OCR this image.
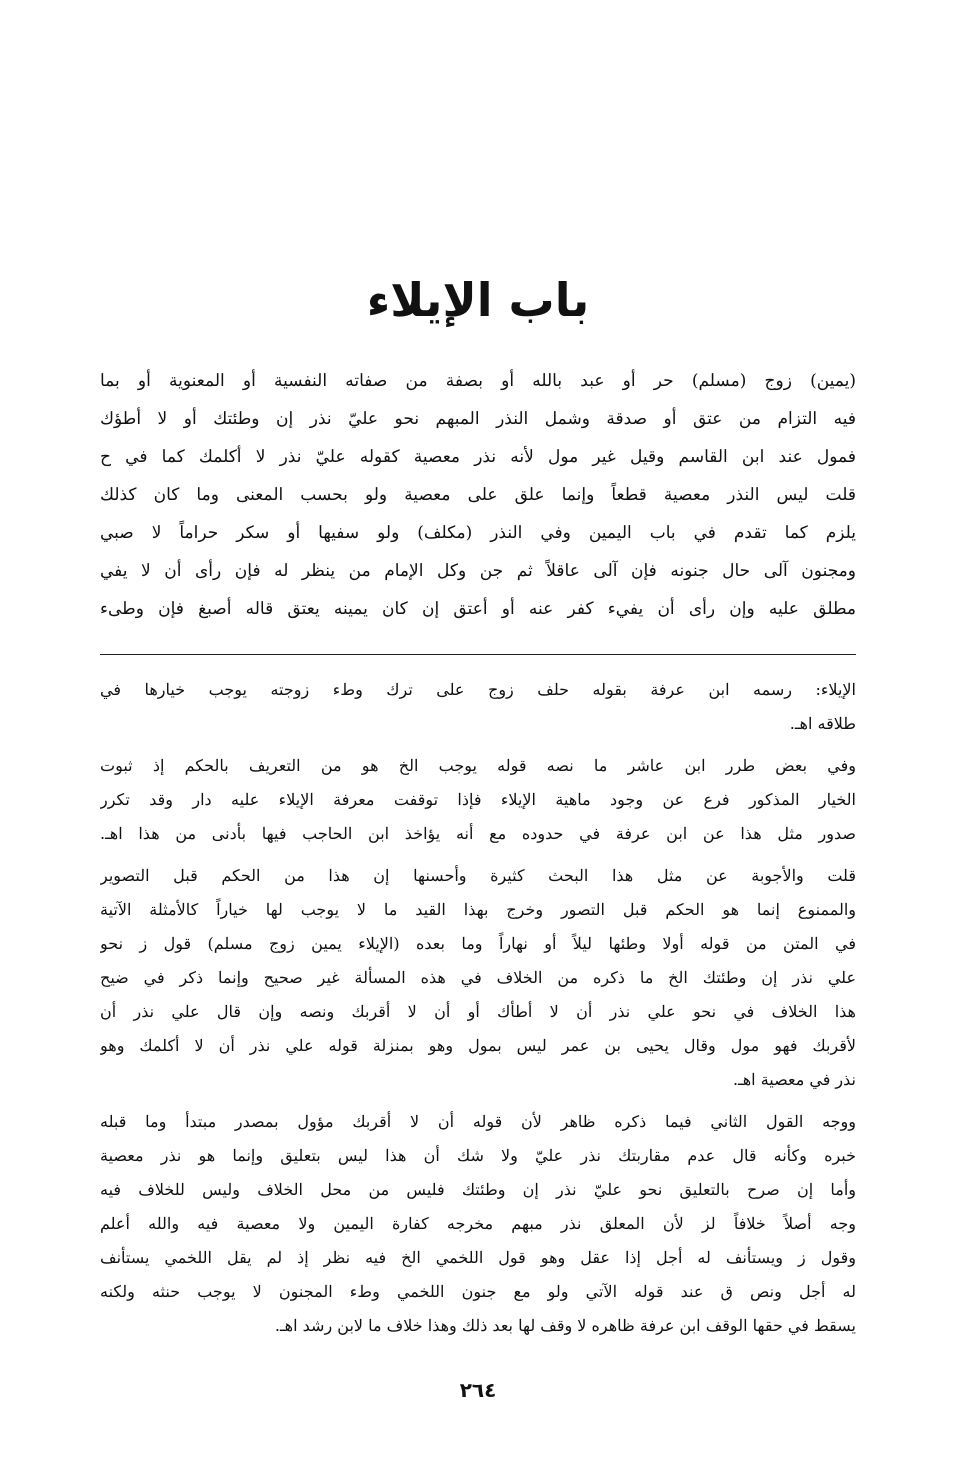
باب الإيلاء
(يمين) زوج (مسلم) حر أو عبد بالله أو بصفة من صفاته النفسية أو المعنوية أو بما
فيه التزام من عتق أو صدقة وشمل النذر المبهم نحو عليّ نذر إن وطئتك أو لا أطؤك
فمول عند ابن القاسم وقيل غير مول لأنه نذر معصية كقوله عليّ نذر لا أكلمك كما في ح
قلت ليس النذر معصية قطعاً وإنما علق على معصية ولو بحسب المعنى وما كان كذلك
يلزم كما تقدم في باب اليمين وفي النذر (مكلف) ولو سفيها أو سكر حراماً لا صبي
ومجنون آلى حال جنونه فإن آلى عاقلاً ثم جن وكل الإمام من ينظر له فإن رأى أن لا يفي
مطلق عليه وإن رأى أن يفيء كفر عنه أو أعتق إن كان يمينه يعتق قاله أصبغ فإن وطىء
الإيلاء: رسمه ابن عرفة بقوله حلف زوج على ترك وطء زوجته يوجب خيارها في
طلاقه اهـ.
وفي بعض طرر ابن عاشر ما نصه قوله يوجب الخ هو من التعريف بالحكم إذ ثبوت
الخيار المذكور فرع عن وجود ماهية الإيلاء فإذا توقفت معرفة الإيلاء عليه دار وقد تكرر
صدور مثل هذا عن ابن عرفة في حدوده مع أنه يؤاخذ ابن الحاجب فيها بأدنى من هذا اهـ.
قلت والأجوبة عن مثل هذا البحث كثيرة وأحسنها إن هذا من الحكم قبل التصوير
والممنوع إنما هو الحكم قبل التصور وخرج بهذا القيد ما لا يوجب لها خياراً كالأمثلة الآتية
في المتن من قوله أولا وطئها ليلاً أو نهاراً وما بعده (الإيلاء يمين زوج مسلم) قول ز نحو
علي نذر إن وطئتك الخ ما ذكره من الخلاف في هذه المسألة غير صحيح وإنما ذكر في ضيح
هذا الخلاف في نحو علي نذر أن لا أطأك أو أن لا أقربك ونصه وإن قال علي نذر أن
لأقربك فهو مول وقال يحيى بن عمر ليس بمول وهو بمنزلة قوله علي نذر أن لا أكلمك وهو
نذر في معصية اهـ.
ووجه القول الثاني فيما ذكره ظاهر لأن قوله أن لا أقربك مؤول بمصدر مبتدأ وما قبله
خبره وكأنه قال عدم مقاربتك نذر عليّ ولا شك أن هذا ليس بتعليق وإنما هو نذر معصية
وأما إن صرح بالتعليق نحو عليّ نذر إن وطئتك فليس من محل الخلاف وليس للخلاف فيه
وجه أصلاً خلافاً لز لأن المعلق نذر مبهم مخرجه كفارة اليمين ولا معصية فيه والله أعلم
وقول ز ويستأنف له أجل إذا عقل وهو قول اللخمي الخ فيه نظر إذ لم يقل اللخمي يستأنف
له أجل ونص ق عند قوله الآتي ولو مع جنون اللخمي وطء المجنون لا يوجب حنثه ولكنه
يسقط في حقها الوقف ابن عرفة ظاهره لا وقف لها بعد ذلك وهذا خلاف ما لابن رشد اهـ.
٢٦٤
